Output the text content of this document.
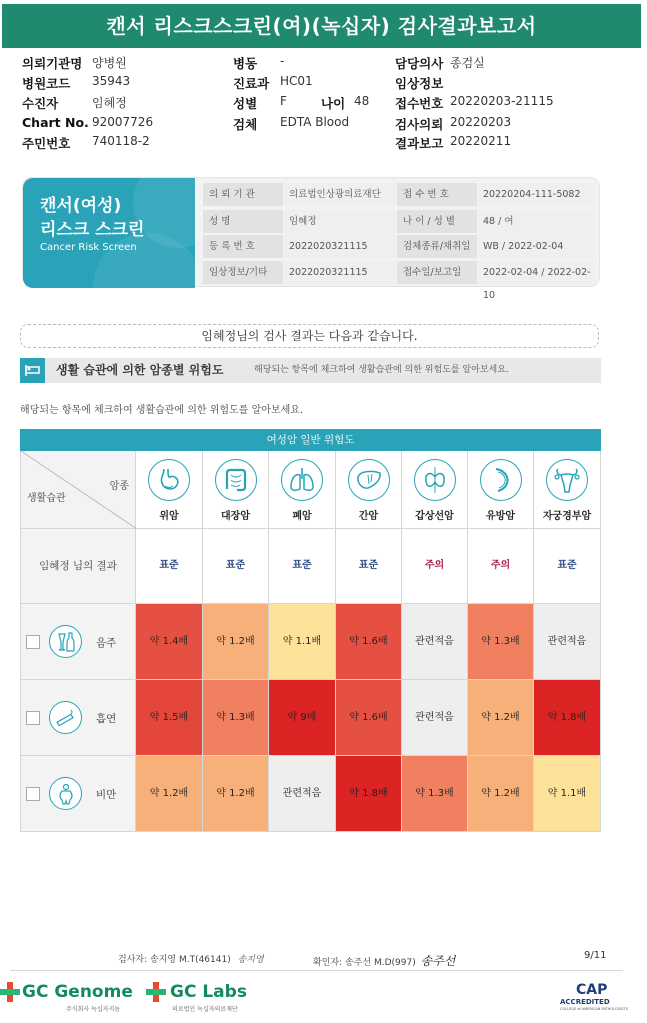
캔서 리스크스크린(여)(녹십자) 검사결과보고서
의뢰기관명 양병원	병동 -	담당의사 종검실
병원코드 35943	진료과 HC01	임상정보
수진자	임혜정	성별 F	나이 48 접수번호 20220203-21115
Chart No. 92007726	검체 EDTA Blood	검사의뢰 20220203
주민번호 740118-2	결과보고 20220211
캔서(여성)
리스크 스크린
Cancer Risk Screen
의 뢰 기 관	의료법인상광의료재단	접 수 번 호	20220204-111-5082
성 명	임혜정	나 이 / 성 별	48 / 여
등 록 번 호	2022020321115	검체종류/채취일	WB / 2022-02-04
임상정보/기타	2022020321115	접수일/보고일	2022-02-04 / 2022-02-10
임혜정님의 검사 결과는 다음과 같습니다.
생활 습관에 의한 암종별 위험도	해당되는 항목에 체크하여 생활습관에 의한 위험도를 알아보세요.
해당되는 항목에 체크하여 생활습관에 의한 위험도를 알아보세요.
여성암 일반 위험도
암종
생활습관
위암	대장암	폐암	간암	갑상선암	유방암	자궁경부암
임혜정 님의 결과	표준	표준	표준	표준	주의	주의	표준
음주	약 1.4배	약 1.2배	약 1.1배	약 1.6배	관련적음	약 1.3배	관련적음
흡연	약 1.5배	약 1.3배	약 9배	약 1.6배	관련적음	약 1.2배	약 1.8배
비만	약 1.2배	약 1.2배	관련적음	약 1.8배	약 1.3배	약 1.2배	약 1.1배
검사자: 송지영 M.T(46141) 송지영	확인자: 송주선 M.D(997) 송주선	9/11
GC Genome
주식회사 녹십자지놈
GC Labs
의료법인 녹십자의료재단
CAP
ACCREDITED
COLLEGE of AMERICAN PATHOLOGISTS
